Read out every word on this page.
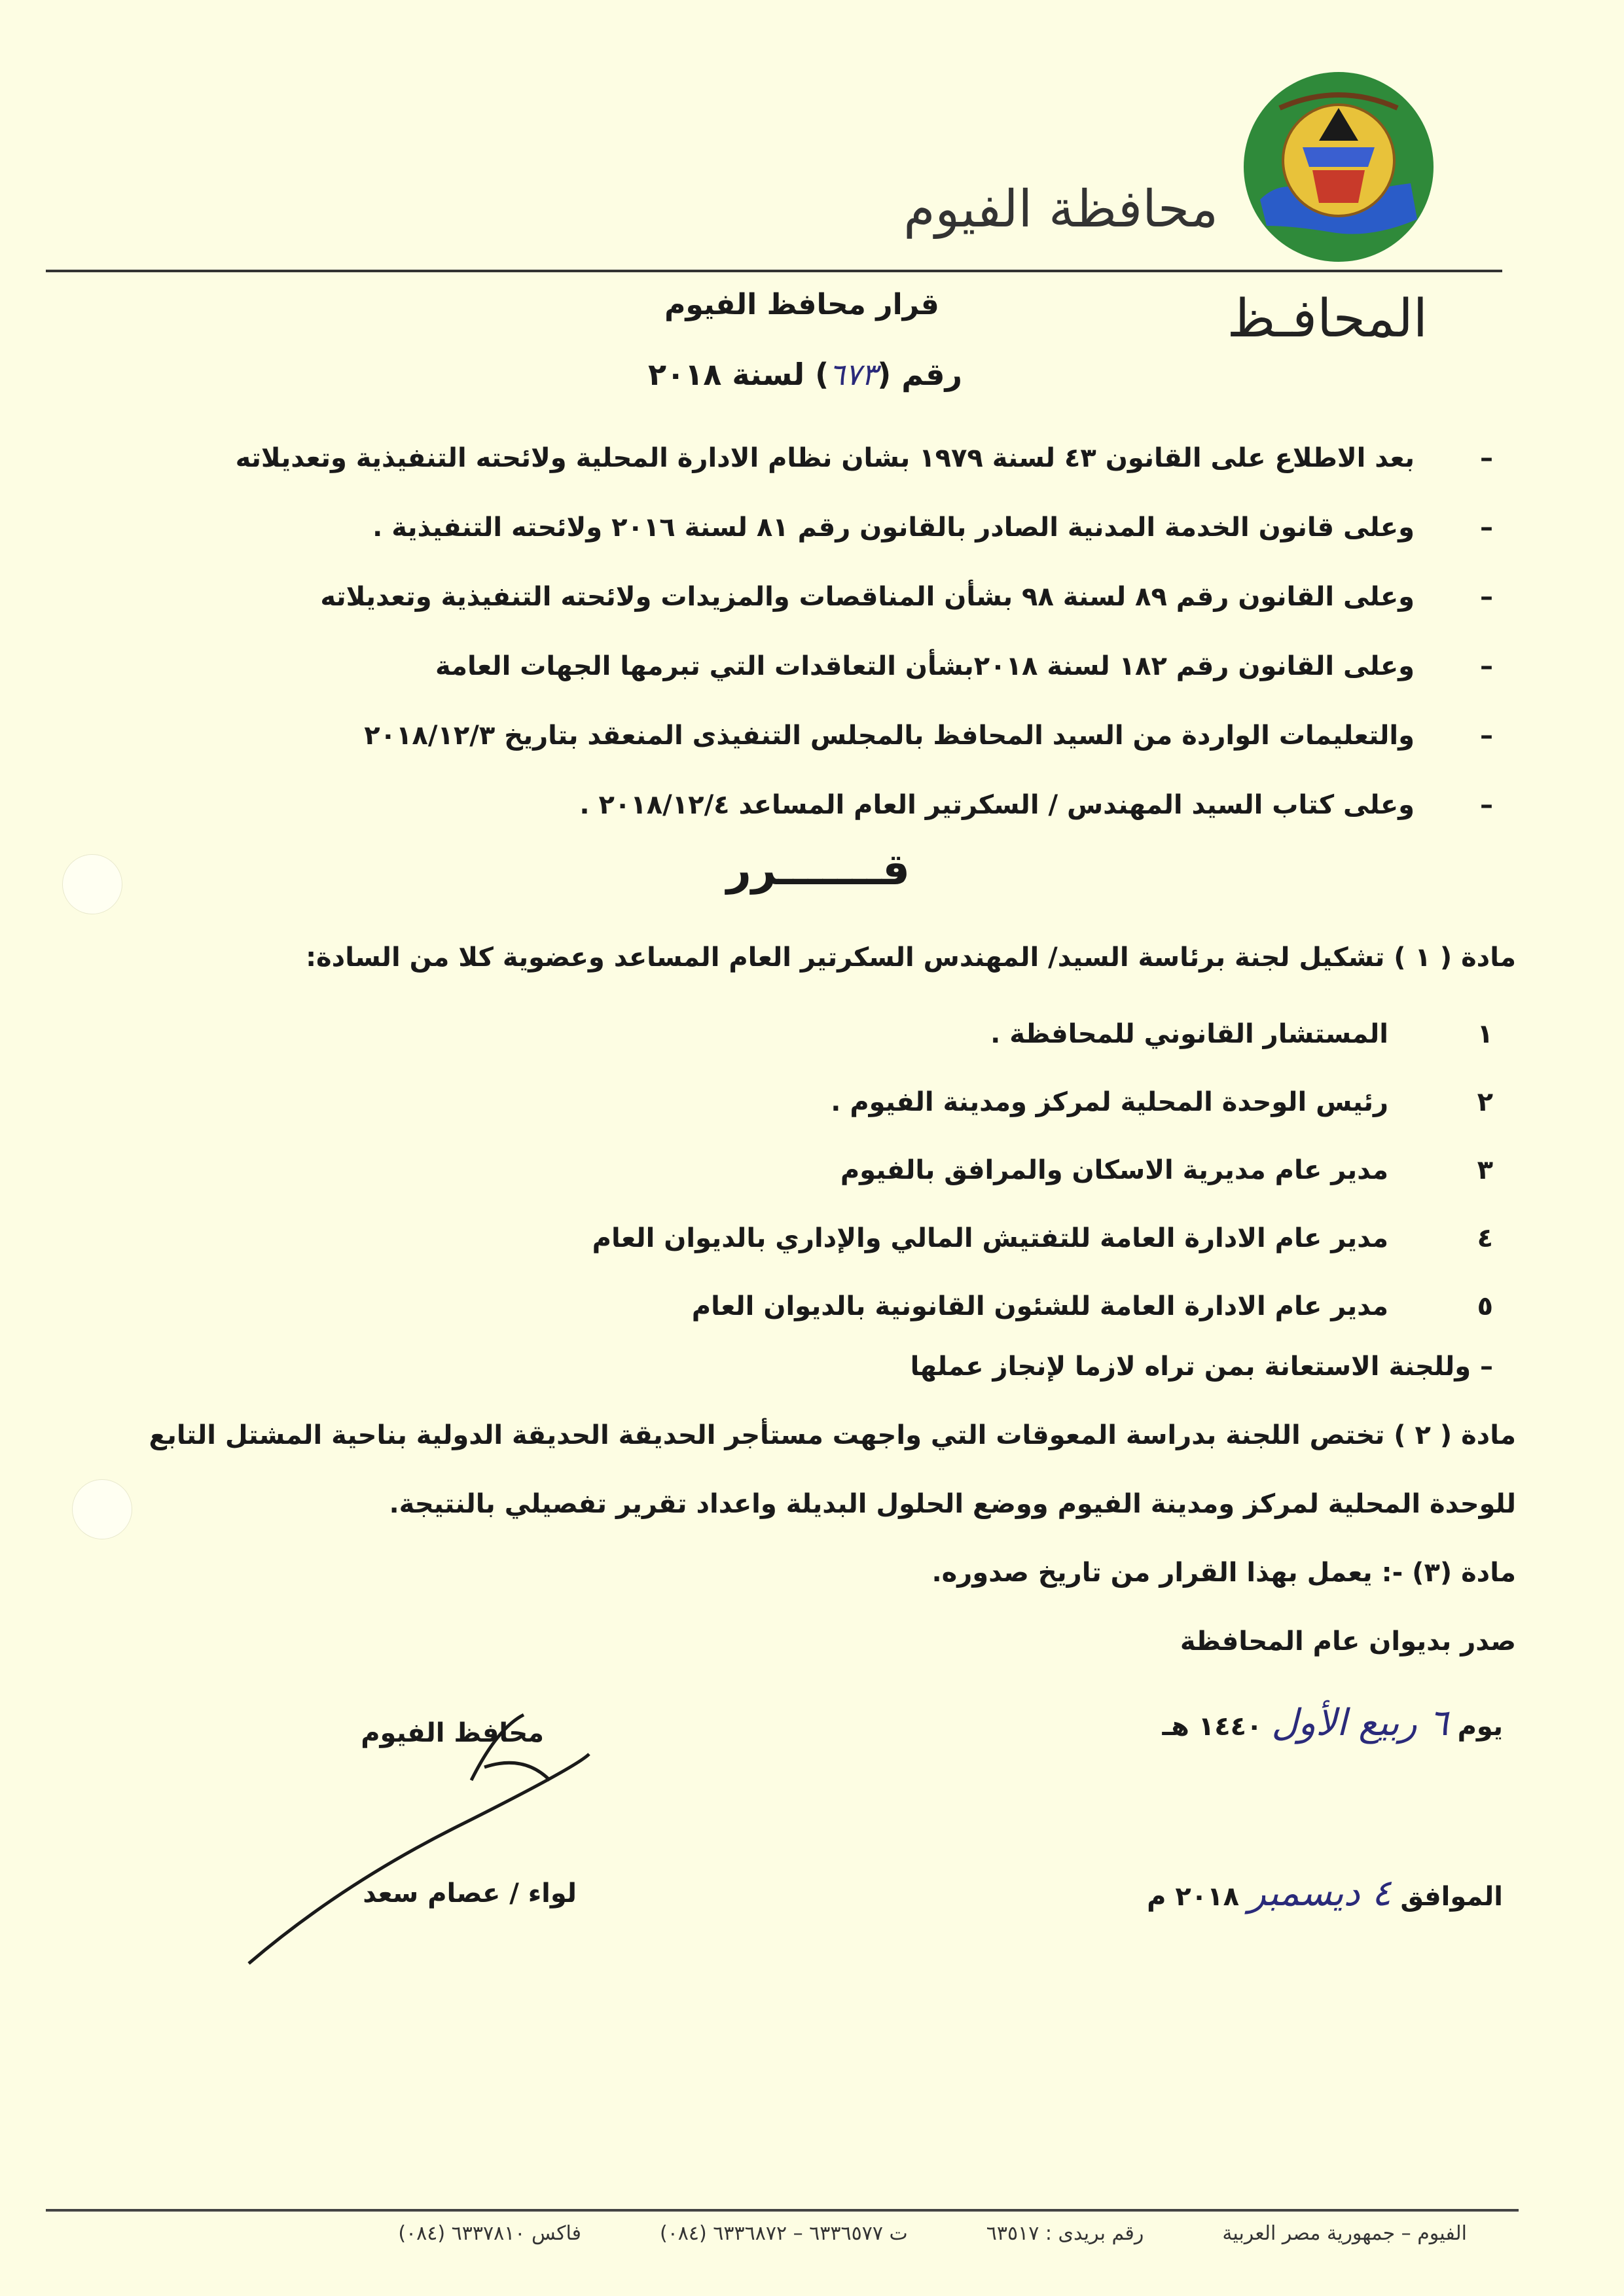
محافظة الفيوم
المحافـظ
قرار محافظ الفيوم
رقم (٦٧٣) لسنة ٢٠١٨
–
بعد الاطلاع على القانون ٤٣ لسنة ١٩٧٩ بشان نظام الادارة المحلية ولائحته التنفيذية وتعديلاته
–
وعلى قانون الخدمة المدنية الصادر بالقانون رقم ٨١ لسنة ٢٠١٦ ولائحته التنفيذية .
–
وعلى القانون رقم ٨٩ لسنة ٩٨ بشأن المناقصات والمزيدات ولائحته التنفيذية وتعديلاته
–
وعلى القانون رقم ١٨٢ لسنة ٢٠١٨بشأن التعاقدات التي تبرمها الجهات العامة
–
والتعليمات الواردة من السيد المحافظ بالمجلس التنفيذى المنعقد بتاريخ ٢٠١٨/١٢/٣
–
وعلى كتاب السيد المهندس / السكرتير العام المساعد ٢٠١٨/١٢/٤ .
قـــــــرر
مادة ( ١ ) تشكيل لجنة برئاسة السيد/ المهندس السكرتير العام المساعد وعضوية كلا من السادة:
١
المستشار القانوني للمحافظة .
٢
رئيس الوحدة المحلية لمركز ومدينة الفيوم .
٣
مدير عام مديرية الاسكان والمرافق بالفيوم
٤
مدير عام الادارة العامة للتفتيش المالي والإداري بالديوان العام
٥
مدير عام الادارة العامة للشئون القانونية بالديوان العام
– وللجنة الاستعانة بمن تراه لازما لإنجاز عملها
مادة ( ٢ ) تختص اللجنة بدراسة المعوقات التي واجهت مستأجر الحديقة الحديقة الدولية بناحية المشتل التابع
للوحدة المحلية لمركز ومدينة الفيوم ووضع الحلول البديلة واعداد تقرير تفصيلي بالنتيجة.
مادة (٣) -: يعمل بهذا القرار من تاريخ صدوره.
صدر بديوان عام المحافظة
يوم ٦ ربيع الأول ١٤٤٠ هـ
الموافق ٤ ديسمبر ٢٠١٨ م
محافظ الفيوم
لواء / عصام سعد
الفيوم – جمهورية مصر العربية
رقم بريدى : ٦٣٥١٧
ت ٦٣٣٦٥٧٧ – ٦٣٣٦٨٧٢ (٠٨٤)
فاكس ٦٣٣٧٨١٠ (٠٨٤)
